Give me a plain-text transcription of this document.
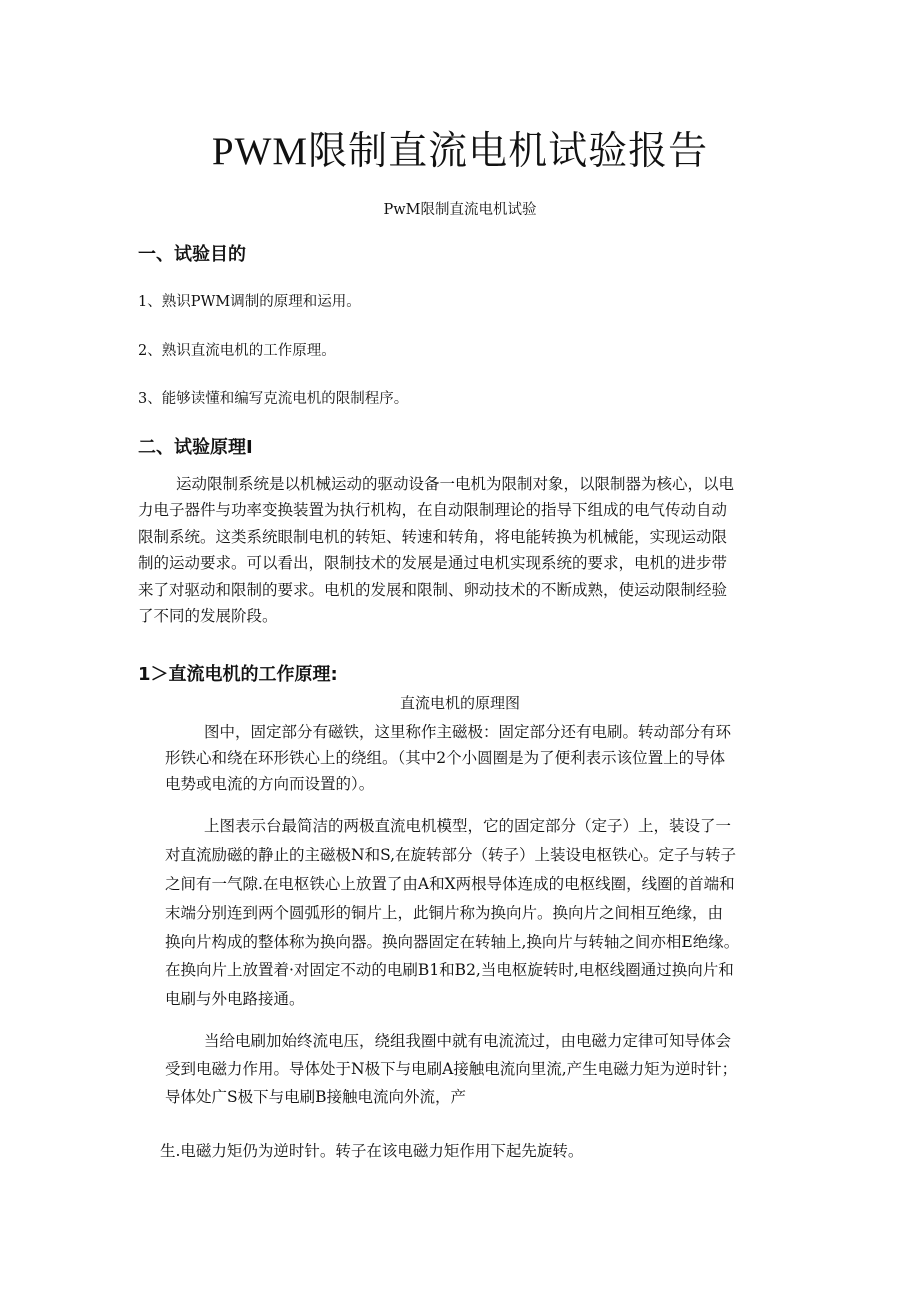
PWM限制直流电机试验报告
PwM限制直流电机试验
一、试验目的
1、熟识PWM调制的原理和运用。
2、熟识直流电机的工作原理。
3、能够读懂和编写克流电机的限制程序。
二、试验原理I
运动限制系统是以机械运动的驱动设备一电机为限制对象，以限制器为核心，以电
力电子器件与功率变换装置为执行机构，在自动限制理论的指导下组成的电气传动自动
限制系统。这类系统眼制电机的转矩、转速和转角，将电能转换为机械能，实现运动限
制的运动要求。可以看出，限制技术的发展是通过电机实现系统的要求，电机的进步带
来了对驱动和限制的要求。电机的发展和限制、卵动技术的不断成熟，使运动限制经验
了不同的发展阶段。
1＞直流电机的工作原理:
直流电机的原理图
图中，固定部分有磁铁，这里称作主磁极：固定部分还有电刷。转动部分有环
形铁心和绕在环形铁心上的绕组。（其中2个小圆圈是为了便利表示该位置上的导体
电势或电流的方向而设置的）。
上图表示台最简洁的两极直流电机模型，它的固定部分（定子）上，装设了一
对直流励磁的静止的主磁极N和S,在旋转部分（转子）上装设电枢铁心。定子与转子
之间有一气隙.在电枢铁心上放置了由A和X两根导体连成的电枢线圈，线圈的首端和
末端分别连到两个圆弧形的铜片上，此铜片称为换向片。换向片之间相互绝缘，由
换向片构成的整体称为换向器。换向器固定在转轴上,换向片与转轴之间亦相E绝缘。
在换向片上放置着·对固定不动的电刷B1和B2,当电枢旋转时,电枢线圈通过换向片和
电刷与外电路接通。
当给电刷加始终流电压，绕组我圈中就有电流流过，由电磁力定律可知导体会
受到电磁力作用。导体处于N极下与电刷A接触电流向里流,产生电磁力矩为逆时针；
导体处广S极下与电刷B接触电流向外流，产
生.电磁力矩仍为逆时针。转子在该电磁力矩作用下起先旋转。
